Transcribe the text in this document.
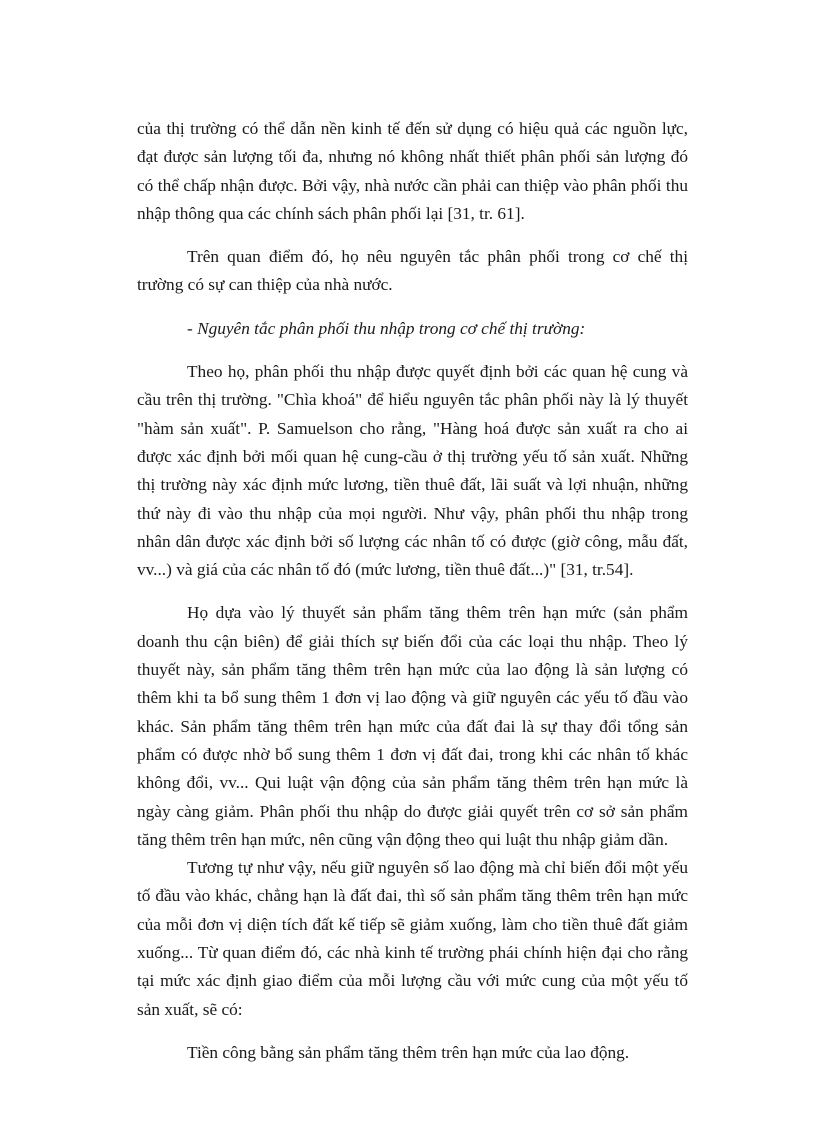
của thị trường có thể dẫn nền kinh tế đến sử dụng có hiệu quả các nguồn lực, đạt được sản lượng tối đa, nhưng nó không nhất thiết phân phối sản lượng đó có thể chấp nhận được. Bởi vậy, nhà nước cần phải can thiệp vào phân phối thu nhập thông qua các chính sách phân phối lại [31, tr. 61].

Trên quan điểm đó, họ nêu nguyên tắc phân phối trong cơ chế thị trường có sự can thiệp của nhà nước.

- Nguyên tắc phân phối thu nhập trong cơ chế thị trường:

Theo họ, phân phối thu nhập được quyết định bởi các quan hệ cung và cầu trên thị trường. "Chìa khoá" để hiểu nguyên tắc phân phối này là lý thuyết "hàm sản xuất". P. Samuelson cho rằng, "Hàng hoá được sản xuất ra cho ai được xác định bởi mối quan hệ cung-cầu ở thị trường yếu tố sản xuất. Những thị trường này xác định mức lương, tiền thuê đất, lãi suất và lợi nhuận, những thứ này đi vào thu nhập của mọi người. Như vậy, phân phối thu nhập trong nhân dân được xác định bởi số lượng các nhân tố có được (giờ công, mẫu đất, vv...) và giá của các nhân tố đó (mức lương, tiền thuê đất...)" [31, tr.54].

Họ dựa vào lý thuyết sản phẩm tăng thêm trên hạn mức (sản phẩm doanh thu cận biên) để giải thích sự biến đổi của các loại thu nhập. Theo lý thuyết này, sản phẩm tăng thêm trên hạn mức của lao động là sản lượng có thêm khi ta bổ sung thêm 1 đơn vị lao động và giữ nguyên các yếu tố đầu vào khác. Sản phẩm tăng thêm trên hạn mức của đất đai là sự thay đổi tổng sản phẩm có được nhờ bổ sung thêm 1 đơn vị đất đai, trong khi các nhân tố khác không đổi, vv... Qui luật vận động của sản phẩm tăng thêm trên hạn mức là ngày càng giảm. Phân phối thu nhập do được giải quyết trên cơ sở sản phẩm tăng thêm trên hạn mức, nên cũng vận động theo qui luật thu nhập giảm dần.

Tương tự như vậy, nếu giữ nguyên số lao động mà chỉ biến đổi một yếu tố đầu vào khác, chẳng hạn là đất đai, thì số sản phẩm tăng thêm trên hạn mức của mỗi đơn vị diện tích đất kế tiếp sẽ giảm xuống, làm cho tiền thuê đất giảm xuống... Từ quan điểm đó, các nhà kinh tế trường phái chính hiện đại cho rằng tại mức xác định giao điểm của mỗi lượng cầu với mức cung của một yếu tố sản xuất, sẽ có:

Tiền công bằng sản phẩm tăng thêm trên hạn mức của lao động.
